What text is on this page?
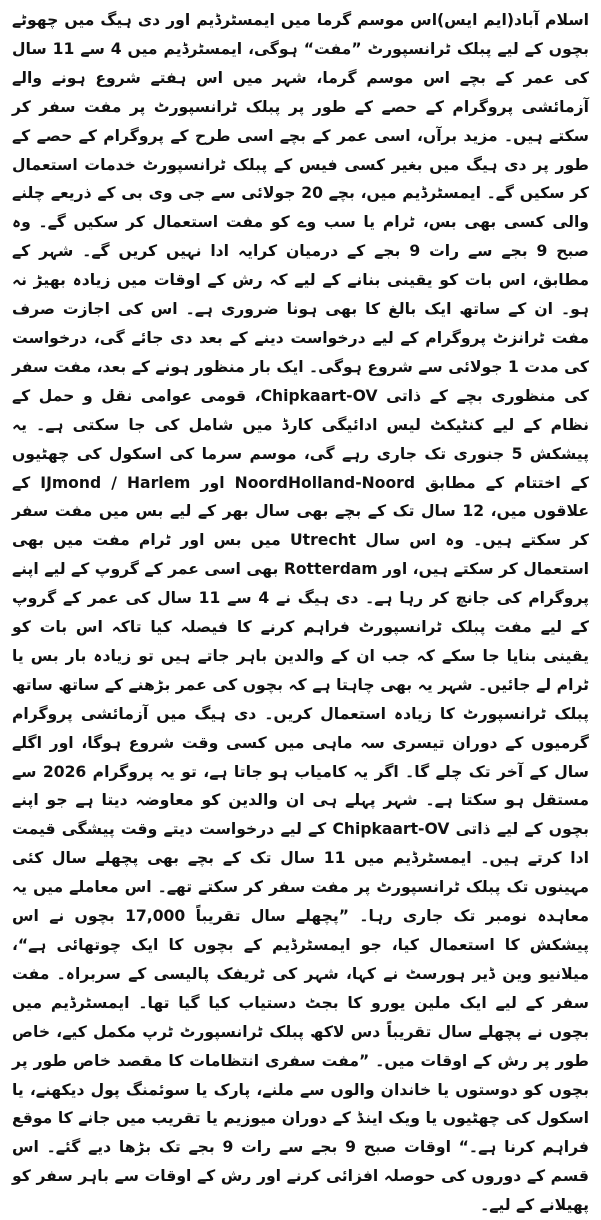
اسلام آباد(ایم ایس)اس موسم گرما میں ایمسٹرڈیم اور دی ہیگ میں چھوٹے بچوں کے لیے پبلک ٹرانسپورٹ ”مفت“ ہوگی، ایمسٹرڈیم میں 4 سے 11 سال کی عمر کے بچے اس موسم گرما، شہر میں اس ہفتے شروع ہونے والے آزمائشی پروگرام کے حصے کے طور پر پبلک ٹرانسپورٹ پر مفت سفر کر سکتے ہیں۔ مزید برآں، اسی عمر کے بچے اسی طرح کے پروگرام کے حصے کے طور پر دی ہیگ میں بغیر کسی فیس کے پبلک ٹرانسپورٹ خدمات استعمال کر سکیں گے۔ ایمسٹرڈیم میں، بچے 20 جولائی سے جی وی بی کے ذریعے چلنے والی کسی بھی بس، ٹرام یا سب وے کو مفت استعمال کر سکیں گے۔ وہ صبح 9 بجے سے رات 9 بجے کے درمیان کرایہ ادا نہیں کریں گے۔ شہر کے مطابق، اس بات کو یقینی بنانے کے لیے کہ رش کے اوقات میں زیادہ بھیڑ نہ ہو۔ ان کے ساتھ ایک بالغ کا بھی ہونا ضروری ہے۔ اس کی اجازت صرف مفت ٹرانزٹ پروگرام کے لیے درخواست دینے کے بعد دی جائے گی، درخواست کی مدت 1 جولائی سے شروع ہوگی۔ ایک بار منظور ہونے کے بعد، مفت سفر کی منظوری بچے کے ذاتی Chipkaart-OV، قومی عوامی نقل و حمل کے نظام کے لیے کنٹیکٹ لیس ادائیگی کارڈ میں شامل کی جا سکتی ہے۔ یہ پیشکش 5 جنوری تک جاری رہے گی، موسم سرما کی اسکول کی چھٹیوں کے اختتام کے مطابق NoordHolland-Noord اور IJmond / Harlem کے علاقوں میں، 12 سال تک کے بچے بھی سال بھر کے لیے بس میں مفت سفر کر سکتے ہیں۔ وہ اس سال Utrecht میں بس اور ٹرام مفت میں بھی استعمال کر سکتے ہیں، اور Rotterdam بھی اسی عمر کے گروپ کے لیے اپنے پروگرام کی جانچ کر رہا ہے۔ دی ہیگ نے 4 سے 11 سال کی عمر کے گروپ کے لیے مفت پبلک ٹرانسپورٹ فراہم کرنے کا فیصلہ کیا تاکہ اس بات کو یقینی بنایا جا سکے کہ جب ان کے والدین باہر جاتے ہیں تو زیادہ بار بس یا ٹرام لے جائیں۔ شہر یہ بھی چاہتا ہے کہ بچوں کی عمر بڑھنے کے ساتھ ساتھ پبلک ٹرانسپورٹ کا زیادہ استعمال کریں۔ دی ہیگ میں آزمائشی پروگرام گرمیوں کے دوران تیسری سہ ماہی میں کسی وقت شروع ہوگا، اور اگلے سال کے آخر تک چلے گا۔ اگر یہ کامیاب ہو جاتا ہے، تو یہ پروگرام 2026 سے مستقل ہو سکتا ہے۔ شہر پہلے ہی ان والدین کو معاوضہ دیتا ہے جو اپنے بچوں کے لیے ذاتی Chipkaart-OV کے لیے درخواست دیتے وقت پیشگی قیمت ادا کرتے ہیں۔ ایمسٹرڈیم میں 11 سال تک کے بچے بھی پچھلے سال کئی مہینوں تک پبلک ٹرانسپورٹ پر مفت سفر کر سکتے تھے۔ اس معاملے میں یہ معاہدہ نومبر تک جاری رہا۔ ”پچھلے سال تقریباً 17,000 بچوں نے اس پیشکش کا استعمال کیا، جو ایمسٹرڈیم کے بچوں کا ایک چوتھائی ہے“، میلانیو وین ڈیر ہورسٹ نے کہا، شہر کی ٹریفک پالیسی کے سربراہ۔ مفت سفر کے لیے ایک ملین یورو کا بجٹ دستیاب کیا گیا تھا۔ ایمسٹرڈیم میں بچوں نے پچھلے سال تقریباً دس لاکھ پبلک ٹرانسپورٹ ٹرپ مکمل کیے، خاص طور پر رش کے اوقات میں۔ ”مفت سفری انتظامات کا مقصد خاص طور پر بچوں کو دوستوں یا خاندان والوں سے ملنے، پارک یا سوئمنگ پول دیکھنے، یا اسکول کی چھٹیوں یا ویک اینڈ کے دوران میوزیم یا تقریب میں جانے کا موقع فراہم کرنا ہے۔“ اوقات صبح 9 بجے سے رات 9 بجے تک بڑھا دیے گئے۔ اس قسم کے دوروں کی حوصلہ افزائی کرنے اور رش کے اوقات سے باہر سفر کو پھیلانے کے لیے۔
